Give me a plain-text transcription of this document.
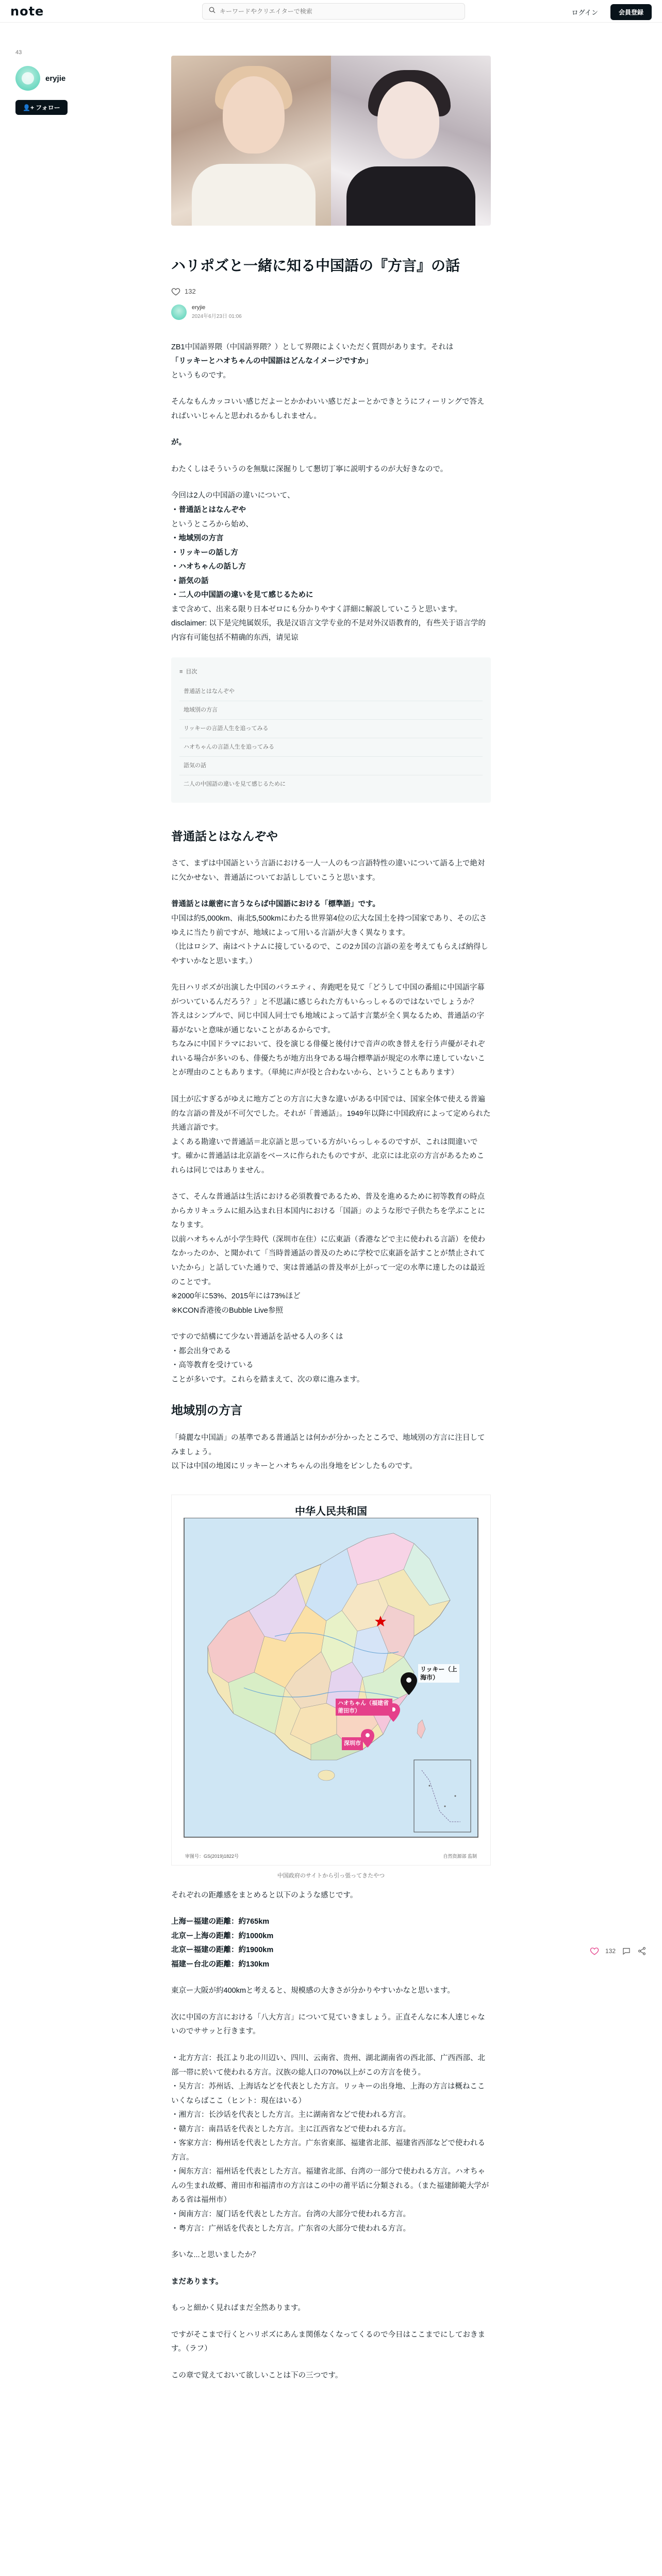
note
キーワードやクリエイターで検索	ログイン	会員登録
43
eryjie
👤+ フォロー
ハリポズと一緒に知る中国語の『方言』の話
132
eryjie
2024年6月23日 01:06

ZB1中国語界隈（中国語界隈？）として界隈によくいただく質問があります。それは
「リッキーとハオちゃんの中国語はどんなイメージですか」
というものです。

そんなもんカッコいい感じだよーとかかわいい感じだよーとかできとうにフィーリングで答えればいいじゃんと思われるかもしれません。

が。

わたくしはそういうのを無駄に深掘りして懇切丁寧に説明するのが大好きなので。

今回は2人の中国語の違いについて、
・普通話とはなんぞや
というところから始め、
・地域別の方言
・リッキーの話し方
・ハオちゃんの話し方
・語気の話
・二人の中国語の違いを見て感じるために
まで含めて、出来る限り日本ゼロにも分かりやすく詳細に解説していこうと思います。
disclaimer: 以下是完纯属娱乐，我是汉语言文学专业的不是对外汉语教育的，有些关于语言学的内容有可能包括不精确的东西，请见谅

≡ 目次
普通話とはなんぞや
地域別の方言
リッキーの言語人生を追ってみる
ハオちゃんの言語人生を追ってみる
語気の話
二人の中国語の違いを見て感じるために
普通話とはなんぞや

さて、まずは中国語という言語における一人一人のもつ言語特性の違いについて語る上で絶対に欠かせない、普通話についてお話ししていこうと思います。

普通話とは厳密に言うならば中国語における「標準語」です。
中国は約5,000km、南北5,500kmにわたる世界第4位の広大な国土を持つ国家であり、その広さゆえに当たり前ですが、地域によって用いる言語が大きく異なります。
（比はロシア、南はベトナムに接しているので、この2カ国の言語の差を考えてもらえば納得しやすいかなと思います。）

先日ハリポズが出演した中国のバラエティ、奔跑吧を見て「どうして中国の番組に中国語字幕がついているんだろう？」と不思議に感じられた方もいらっしゃるのではないでしょうか？
答えはシンプルで、同じ中国人同士でも地域によって話す言葉が全く異なるため、普通話の字幕がないと意味が通じないことがあるからです。
ちなみに中国ドラマにおいて、役を演じる俳優と後付けで音声の吹き替えを行う声優がそれぞれいる場合が多いのも、俳優たちが地方出身である場合標準語が規定の水準に達していないことが理由のこともあります。（単純に声が役と合わないから、ということもあります）

国土が広すぎるがゆえに地方ごとの方言に大きな違いがある中国では、国家全体で使える普遍的な言語の普及が不可欠でした。それが「普通話」。1949年以降に中国政府によって定められた共通言語です。
よくある勘違いで普通話＝北京語と思っている方がいらっしゃるのですが、これは間違いです。確かに普通話は北京語をベースに作られたものですが、北京には北京の方言があるためこれらは同じではありません。

さて、そんな普通話は生活における必須教養であるため、普及を進めるために初等教育の時点からカリキュラムに組み込まれ日本国内における「国語」のような形で子供たちを学ぶことになります。
以前ハオちゃんが小学生時代（深圳市在住）に広東語（香港などで主に使われる言語）を使わなかったのか、と聞かれて「当時普通話の普及のために学校で広東語を話すことが禁止されていたから」と話していた通りで、実は普通話の普及率が上がって一定の水準に達したのは最近のことです。
※2000年に53%、2015年には73%ほど
※KCON香港後のBubble Live参照

ですので結構にて少ない普通話を話せる人の多くは
・都会出身である
・高等教育を受けている
ことが多いです。これらを踏まえて、次の章に進みます。

地域別の方言

「綺麗な中国語」の基準である普通話とは何かが分かったところで、地域別の方言に注目してみましょう。
以下は中国の地図にリッキーとハオちゃんの出身地をピンしたものです。

中华人民共和国
リッキー（上海市）
ハオちゃん（福建省莆田市）
深圳市
审图号：GS(2019)1822号	自然资源部 监制
中国政府のサイトから引っ張ってきたやつ

それぞれの距離感をまとめると以下のような感じです。

上海ー福建の距離：約765km
北京ー上海の距離：約1000km
北京ー福建の距離：約1900km
福建ー台北の距離：約130km

東京ー大阪が約400kmと考えると、規模感の大きさが分かりやすいかなと思います。

次に中国の方言における「八大方言」について見ていきましょう。正直そんなに本人達じゃないのでササッと行きます。

・北方方言：長江より北の川辺い、四川、云南省、贵州、湖北湖南省の西北部、广西西部、北部一帯に於いて使われる方言。汉族の総人口の70%以上がこの方言を使う。
・吴方言：苏州话、上海话などを代表とした方言。リッキーの出身地、上海の方言は概ねここいくならばここ（ヒント：現在はいる）
・湘方言：长沙话を代表とした方言。主に湖南省などで使われる方言。
・赣方言：南昌话を代表とした方言。主に江西省などで使われる方言。
・客家方言：梅州话を代表とした方言。广东省東部、福建省北部、福建省西部などで使われる方言。
・闽东方言：福州话を代表とした方言。福建省北部、台湾の一部分で使われる方言。ハオちゃんの生まれ故郷、莆田市和福清市の方言はこの中の莆平话に分類される。（また福建師範大学がある省は福州市）
・闽南方言：厦门话を代表とした方言。台湾の大部分で使われる方言。
・粤方言：广州话を代表とした方言。广东省の大部分で使われる方言。

多いな...と思いましたか？

まだあります。

もっと細かく見ればまだ全然あります。

ですがそこまで行くとハリポズにあんま関係なくなってくるので今日はここまでにしておきます。（ラフ）

この章で覚えておいて欲しいことは下の三つです。

132
